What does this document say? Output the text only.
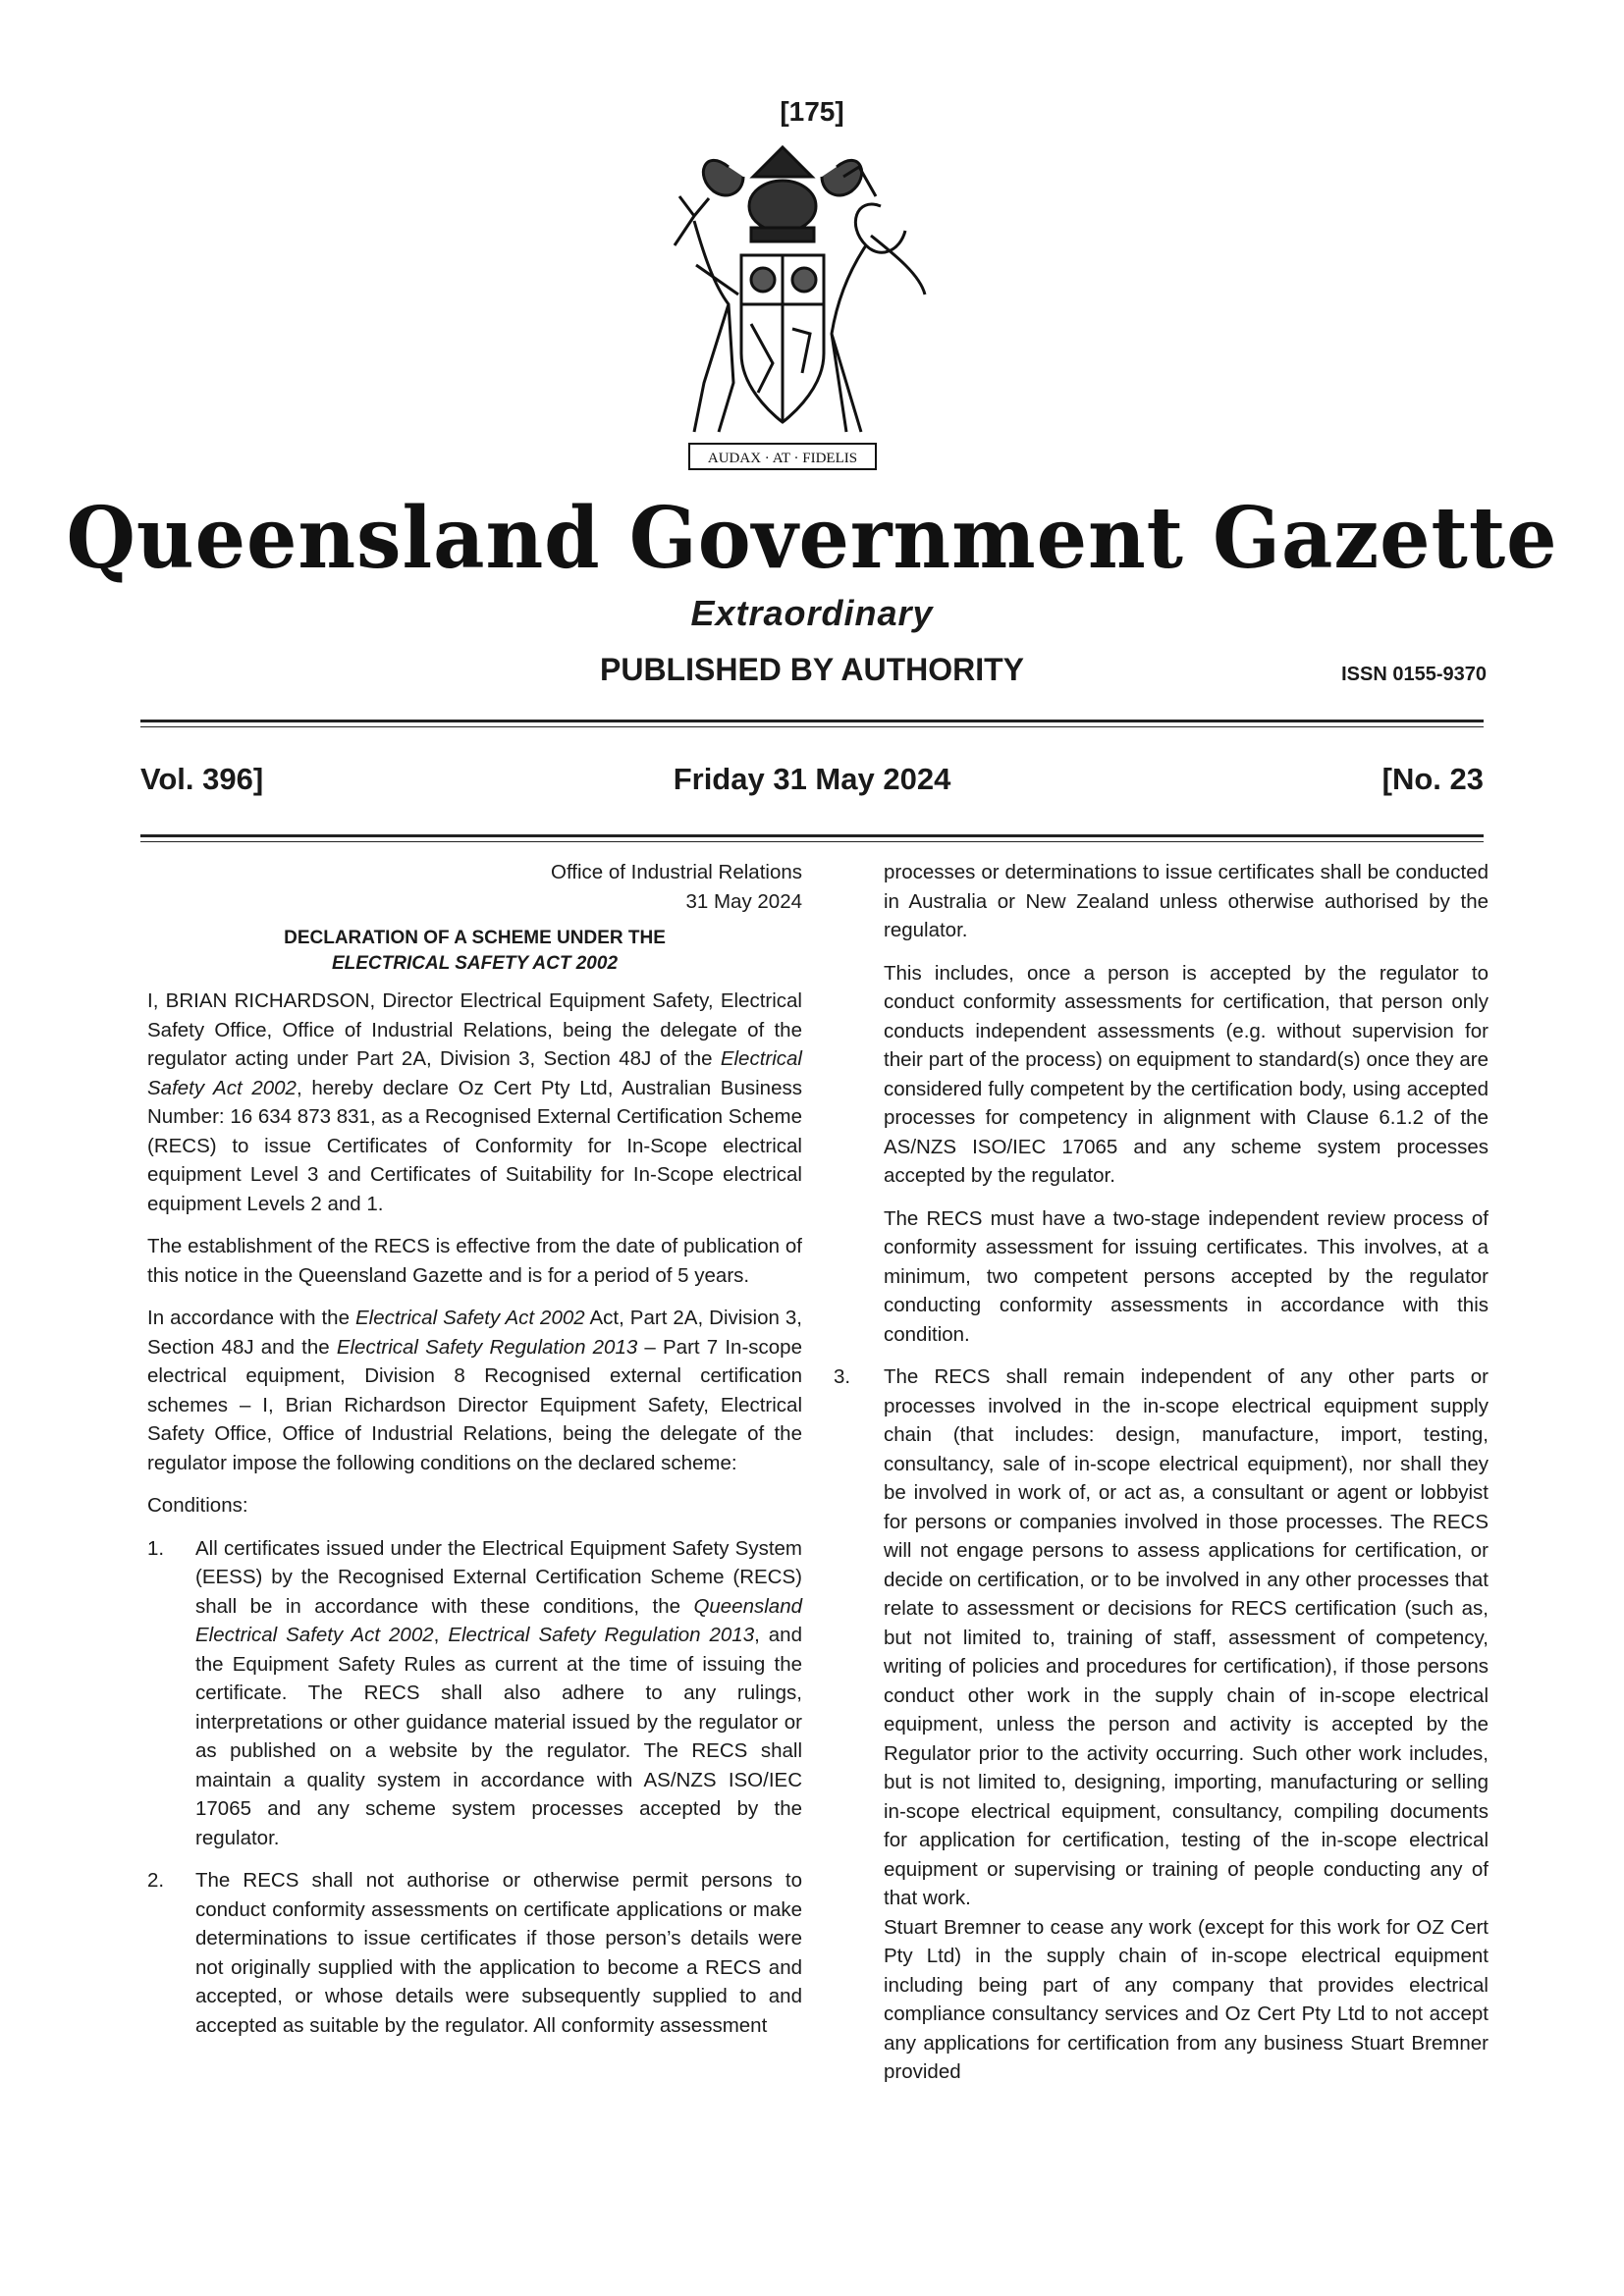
[175]
AUDAX · AT · FIDELIS
Queensland Government Gazette
Extraordinary
PUBLISHED BY AUTHORITY	ISSN 0155-9370
Vol. 396]	Friday 31 May 2024	[No. 23
Office of Industrial Relations
31 May 2024
DECLARATION OF A SCHEME UNDER THE
ELECTRICAL SAFETY ACT 2002

I, BRIAN RICHARDSON, Director Electrical Equipment Safety, Electrical Safety Office, Office of Industrial Relations, being the delegate of the regulator acting under Part 2A, Division 3, Section 48J of the Electrical Safety Act 2002, hereby declare Oz Cert Pty Ltd, Australian Business Number: 16 634 873 831, as a Recognised External Certification Scheme (RECS) to issue Certificates of Conformity for In-Scope electrical equipment Level 3 and Certificates of Suitability for In-Scope electrical equipment Levels 2 and 1.

The establishment of the RECS is effective from the date of publication of this notice in the Queensland Gazette and is for a period of 5 years.

In accordance with the Electrical Safety Act 2002 Act, Part 2A, Division 3, Section 48J and the Electrical Safety Regulation 2013 – Part 7 In-scope electrical equipment, Division 8 Recognised external certification schemes – I, Brian Richardson Director Equipment Safety, Electrical Safety Office, Office of Industrial Relations, being the delegate of the regulator impose the following conditions on the declared scheme:

Conditions:

1. All certificates issued under the Electrical Equipment Safety System (EESS) by the Recognised External Certification Scheme (RECS) shall be in accordance with these conditions, the Queensland Electrical Safety Act 2002, Electrical Safety Regulation 2013, and the Equipment Safety Rules as current at the time of issuing the certificate. The RECS shall also adhere to any rulings, interpretations or other guidance material issued by the regulator or as published on a website by the regulator. The RECS shall maintain a quality system in accordance with AS/NZS ISO/IEC 17065 and any scheme system processes accepted by the regulator.
2. The RECS shall not authorise or otherwise permit persons to conduct conformity assessments on certificate applications or make determinations to issue certificates if those person’s details were not originally supplied with the application to become a RECS and accepted, or whose details were subsequently supplied to and accepted as suitable by the regulator. All conformity assessment

processes or determinations to issue certificates shall be conducted in Australia or New Zealand unless otherwise authorised by the regulator.

This includes, once a person is accepted by the regulator to conduct conformity assessments for certification, that person only conducts independent assessments (e.g. without supervision for their part of the process) on equipment to standard(s) once they are considered fully competent by the certification body, using accepted processes for competency in alignment with Clause 6.1.2 of the AS/NZS ISO/IEC 17065 and any scheme system processes accepted by the regulator.

The RECS must have a two-stage independent review process of conformity assessment for issuing certificates. This involves, at a minimum, two competent persons accepted by the regulator conducting conformity assessments in accordance with this condition.

3. The RECS shall remain independent of any other parts or processes involved in the in-scope electrical equipment supply chain (that includes: design, manufacture, import, testing, consultancy, sale of in-scope electrical equipment), nor shall they be involved in work of, or act as, a consultant or agent or lobbyist for persons or companies involved in those processes. The RECS will not engage persons to assess applications for certification, or decide on certification, or to be involved in any other processes that relate to assessment or decisions for RECS certification (such as, but not limited to, training of staff, assessment of competency, writing of policies and procedures for certification), if those persons conduct other work in the supply chain of in-scope electrical equipment, unless the person and activity is accepted by the Regulator prior to the activity occurring. Such other work includes, but is not limited to, designing, importing, manufacturing or selling in-scope electrical equipment, consultancy, compiling documents for application for certification, testing of the in-scope electrical equipment or supervising or training of people conducting any of that work.

Stuart Bremner to cease any work (except for this work for OZ Cert Pty Ltd) in the supply chain of in-scope electrical equipment including being part of any company that provides electrical compliance consultancy services and Oz Cert Pty Ltd to not accept any applications for certification from any business Stuart Bremner provided
